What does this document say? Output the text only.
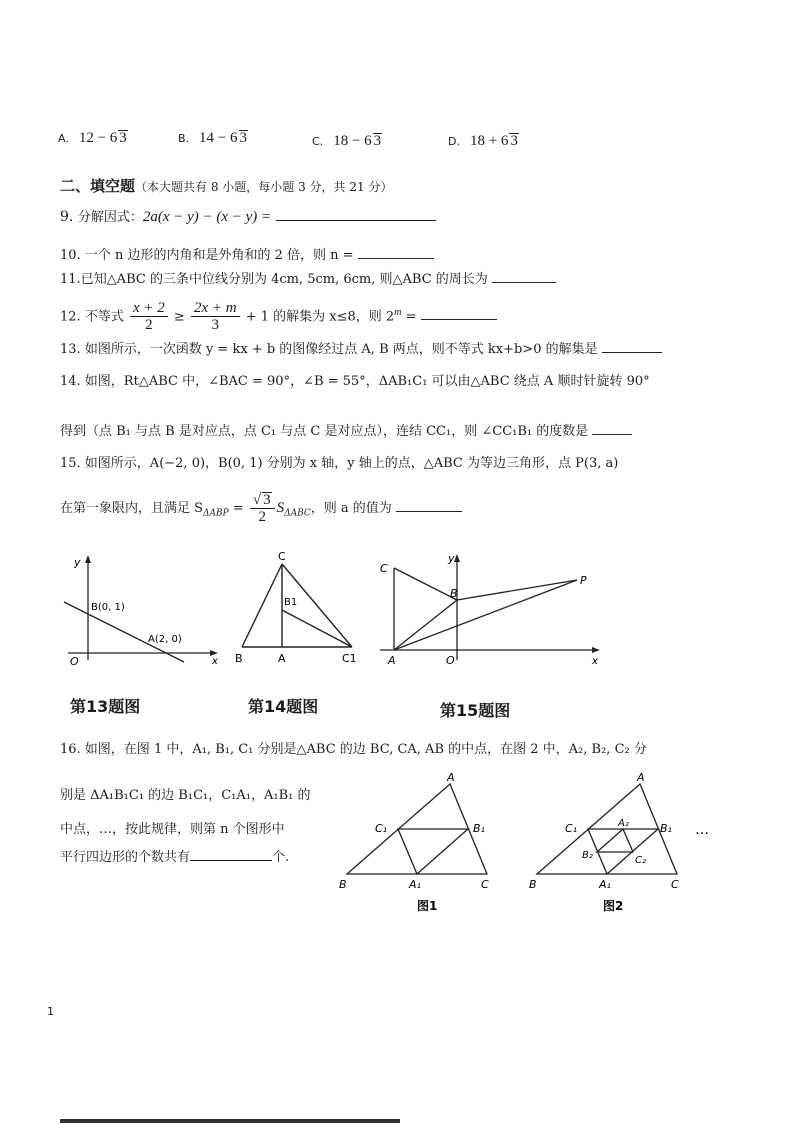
A. 12 − 6 3	B. 14 − 6 3	C. 18 − 6 3	D. 18 + 6 3
二、填空题（本大题共有 8 小题，每小题 3 分，共 21 分）
9. 分解因式：2a(x − y) − (x − y) =
10. 一个 n 边形的内角和是外角和的 2 倍，则 n =
11.已知△ABC 的三条中位线分别为 4cm, 5cm, 6cm, 则△ABC 的周长为
12. 不等式 $\frac{x + 2}{2} \ge \frac{2x + m}{3} + 1$ 的解集为 x≤8，则 $2^m$ =
13. 如图所示，一次函数 y = kx + b 的图像经过点 A, B 两点，则不等式 kx+b>0 的解集是
14. 如图，Rt△ABC 中，∠BAC = 90°，∠B = 55°，ΔAB₁C₁ 可以由△ABC 绕点 A 顺时针旋转 90°
得到（点 B₁ 与点 B 是对应点，点 C₁ 与点 C 是对应点），连结 CC₁，则 ∠CC₁B₁ 的度数是
15. 如图所示，A(−2, 0)，B(0, 1) 分别为 x 轴，y 轴上的点，△ABC 为等边三角形，点 P(3, a)
在第一象限内，且满足 $S_{\Delta ABP} = \frac{√ 3}{2} S_{\Delta ABC}$，则 a 的值为
y
x
O
B(0, 1)
A(2, 0)
第13题图
C
B1
B	A	C1
第14题图
C
y
B
P
A	O	x
第15题图
16. 如图，在图 1 中，A₁, B₁, C₁ 分别是△ABC 的边 BC, CA, AB 的中点，在图 2 中，A₂, B₂, C₂ 分
别是 ΔA₁B₁C₁ 的边 B₁C₁，C₁A₁，A₁B₁ 的
中点，…，按此规律，则第 n 个图形中
平行四边形的个数共有	个.
A
C₁	B₁
B	A₁	C
图1
A
C₁	A₂	B₁
B₂	C₂
B	A₁	C
图2
…
1
